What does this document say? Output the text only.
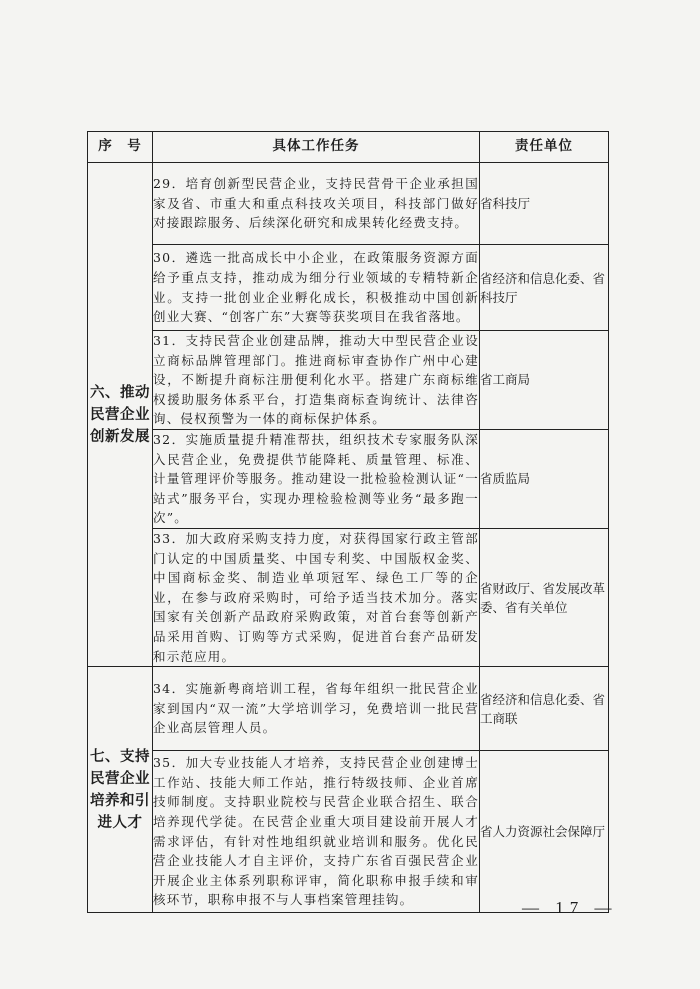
序　号	具体工作任务	责任单位
六、推动民营企业创新发展	29．培育创新型民营企业，支持民营骨干企业承担国家及省、市重大和重点科技攻关项目，科技部门做好对接跟踪服务、后续深化研究和成果转化经费支持。	省科技厅
	30．遴选一批高成长中小企业，在政策服务资源方面给予重点支持，推动成为细分行业领域的专精特新企业。支持一批创业企业孵化成长，积极推动中国创新创业大赛、“创客广东”大赛等获奖项目在我省落地。	省经济和信息化委、省科技厅
	31．支持民营企业创建品牌，推动大中型民营企业设立商标品牌管理部门。推进商标审查协作广州中心建设，不断提升商标注册便利化水平。搭建广东商标维权援助服务体系平台，打造集商标查询统计、法律咨询、侵权预警为一体的商标保护体系。	省工商局
	32．实施质量提升精准帮扶，组织技术专家服务队深入民营企业，免费提供节能降耗、质量管理、标准、计量管理评价等服务。推动建设一批检验检测认证“一站式”服务平台，实现办理检验检测等业务“最多跑一次”。	省质监局
	33．加大政府采购支持力度，对获得国家行政主管部门认定的中国质量奖、中国专利奖、中国版权金奖、中国商标金奖、制造业单项冠军、绿色工厂等的企业，在参与政府采购时，可给予适当技术加分。落实国家有关创新产品政府采购政策，对首台套等创新产品采用首购、订购等方式采购，促进首台套产品研发和示范应用。	省财政厅、省发展改革委、省有关单位
七、支持民营企业培养和引进人才	34．实施新粤商培训工程，省每年组织一批民营企业家到国内“双一流”大学培训学习，免费培训一批民营企业高层管理人员。	省经济和信息化委、省工商联
	35．加大专业技能人才培养，支持民营企业创建博士工作站、技能大师工作站，推行特级技师、企业首席技师制度。支持职业院校与民营企业联合招生、联合培养现代学徒。在民营企业重大项目建设前开展人才需求评估，有针对性地组织就业培训和服务。优化民营企业技能人才自主评价，支持广东省百强民营企业开展企业主体系列职称评审，简化职称申报手续和审核环节，职称申报不与人事档案管理挂钩。	省人力资源社会保障厅
— 17 —
